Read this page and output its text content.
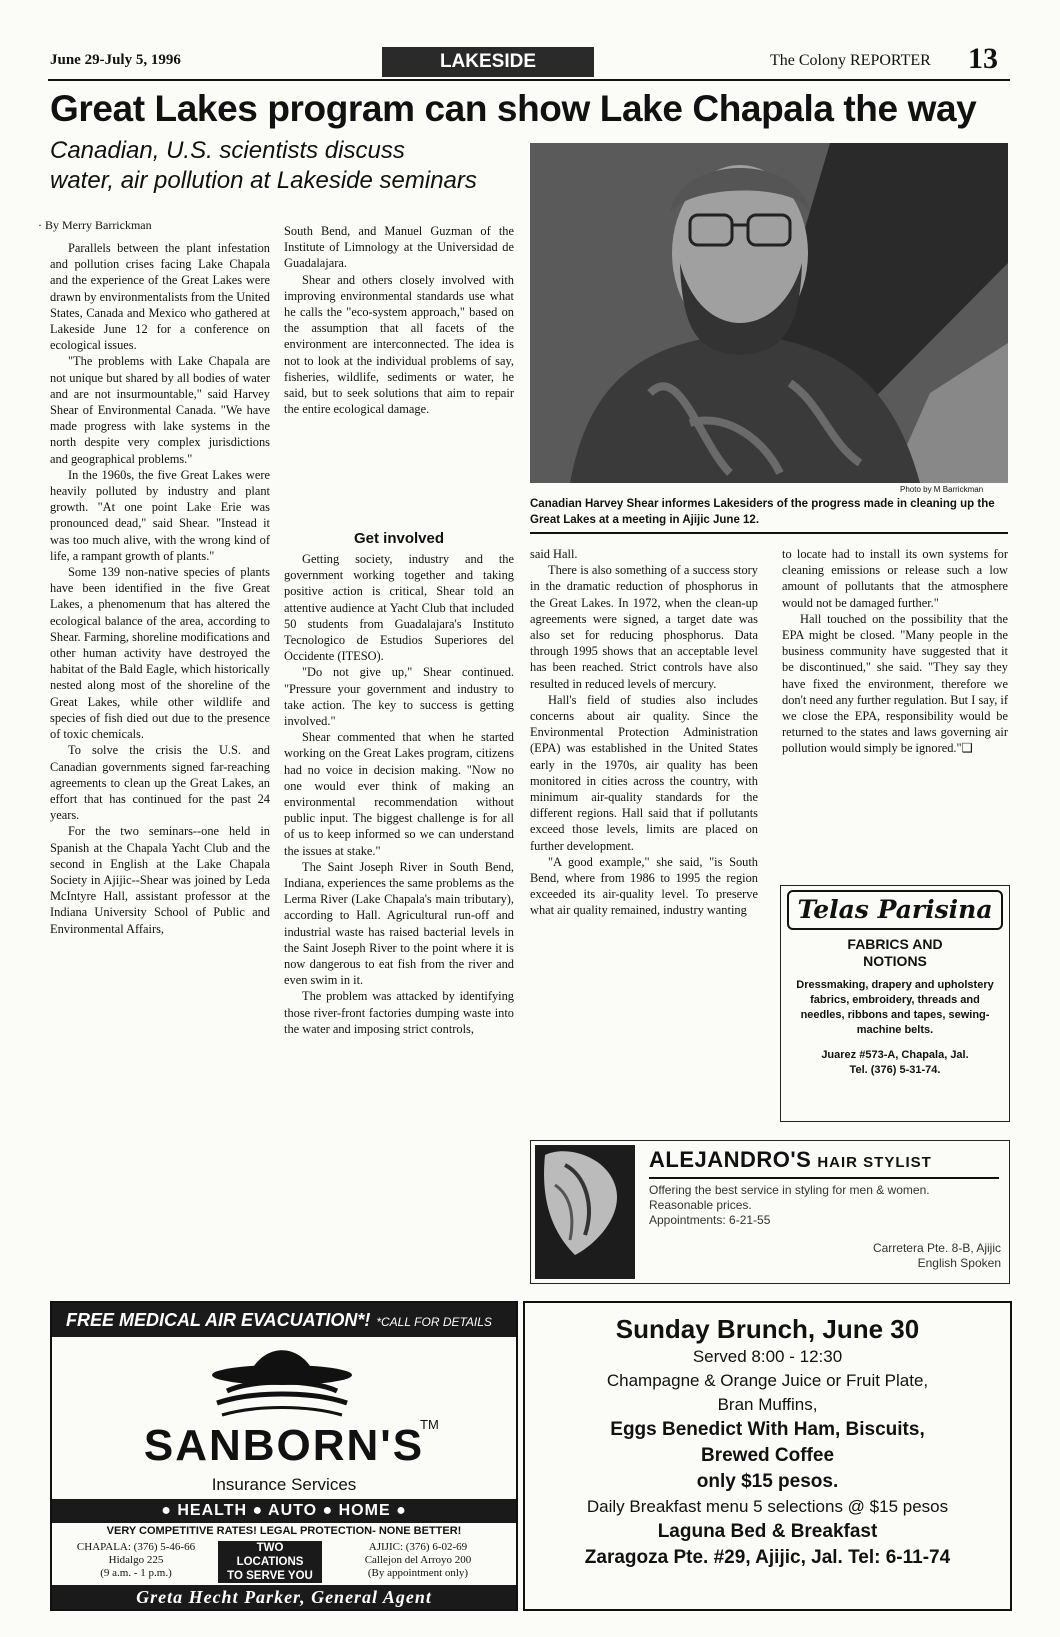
June 29-July 5, 1996	LAKESIDE	The Colony REPORTER 13
Great Lakes program can show Lake Chapala the way
Canadian, U.S. scientists discuss
water, air pollution at Lakeside seminars
Photo by M Barrickman
Canadian Harvey Shear informes Lakesiders of the progress made in cleaning up the Great Lakes at a meeting in Ajijic June 12.
· By Merry Barrickman

Parallels between the plant infestation and pollution crises facing Lake Chapala and the experience of the Great Lakes were drawn by environmentalists from the United States, Canada and Mexico who gathered at Lakeside June 12 for a conference on ecological issues.

"The problems with Lake Chapala are not unique but shared by all bodies of water and are not insurmountable," said Harvey Shear of Environmental Canada. "We have made progress with lake systems in the north despite very complex jurisdictions and geographical problems."

In the 1960s, the five Great Lakes were heavily polluted by industry and plant growth. "At one point Lake Erie was pronounced dead," said Shear. "Instead it was too much alive, with the wrong kind of life, a rampant growth of plants."

Some 139 non-native species of plants have been identified in the five Great Lakes, a phenomenum that has altered the ecological balance of the area, according to Shear. Farming, shoreline modifications and other human activity have destroyed the habitat of the Bald Eagle, which historically nested along most of the shoreline of the Great Lakes, while other wildlife and species of fish died out due to the presence of toxic chemicals.

To solve the crisis the U.S. and Canadian governments signed far-reaching agreements to clean up the Great Lakes, an effort that has continued for the past 24 years.

For the two seminars--one held in Spanish at the Chapala Yacht Club and the second in English at the Lake Chapala Society in Ajijic--Shear was joined by Leda McIntyre Hall, assistant professor at the Indiana University School of Public and Environmental Affairs,

South Bend, and Manuel Guzman of the Institute of Limnology at the Universidad de Guadalajara.

Shear and others closely involved with improving environmental standards use what he calls the "eco-system approach," based on the assumption that all facets of the environment are interconnected. The idea is not to look at the individual problems of say, fisheries, wildlife, sediments or water, he said, but to seek solutions that aim to repair the entire ecological damage.

Get involved

Getting society, industry and the government working together and taking positive action is critical, Shear told an attentive audience at Yacht Club that included 50 students from Guadalajara's Instituto Tecnologico de Estudios Superiores del Occidente (ITESO).

"Do not give up," Shear continued. "Pressure your government and industry to take action. The key to success is getting involved."

Shear commented that when he started working on the Great Lakes program, citizens had no voice in decision making. "Now no one would ever think of making an environmental recommendation without public input. The biggest challenge is for all of us to keep informed so we can understand the issues at stake."

The Saint Joseph River in South Bend, Indiana, experiences the same problems as the Lerma River (Lake Chapala's main tributary), according to Hall. Agricultural run-off and industrial waste has raised bacterial levels in the Saint Joseph River to the point where it is now dangerous to eat fish from the river and even swim in it.

The problem was attacked by identifying those river-front factories dumping waste into the water and imposing strict controls,

said Hall.

There is also something of a success story in the dramatic reduction of phosphorus in the Great Lakes. In 1972, when the clean-up agreements were signed, a target date was also set for reducing phosphorus. Data through 1995 shows that an acceptable level has been reached. Strict controls have also resulted in reduced levels of mercury.

Hall's field of studies also includes concerns about air quality. Since the Environmental Protection Administration (EPA) was established in the United States early in the 1970s, air quality has been monitored in cities across the country, with minimum air-quality standards for the different regions. Hall said that if pollutants exceed those levels, limits are placed on further development.

"A good example," she said, "is South Bend, where from 1986 to 1995 the region exceeded its air-quality level. To preserve what air quality remained, industry wanting

to locate had to install its own systems for cleaning emissions or release such a low amount of pollutants that the atmosphere would not be damaged further."

Hall touched on the possibility that the EPA might be closed. "Many people in the business community have suggested that it be discontinued," she said. "They say they have fixed the environment, therefore we don't need any further regulation. But I say, if we close the EPA, responsibility would be returned to the states and laws governing air pollution would simply be ignored."❑

Telas Parisina
FABRICS AND
NOTIONS
Dressmaking, drapery and upholstery fabrics, embroidery, threads and needles, ribbons and tapes, sewing-machine belts.
Juarez #573-A, Chapala, Jal.
Tel. (376) 5-31-74.
ALEJANDRO'S HAIR STYLIST
Offering the best service in styling for men & women.
Reasonable prices.
Appointments: 6-21-55
Carretera Pte. 8-B, Ajijic
English Spoken
FREE MEDICAL AIR EVACUATION*! *CALL FOR DETAILS
SANBORN'S
TM
Insurance Services
● HEALTH ● AUTO ● HOME ●
VERY COMPETITIVE RATES! LEGAL PROTECTION- NONE BETTER!
CHAPALA: (376) 5-46-66
Hidalgo 225
(9 a.m. - 1 p.m.)
TWO
LOCATIONS
TO SERVE YOU
AJIJIC: (376) 6-02-69
Callejon del Arroyo 200
(By appointment only)
Greta Hecht Parker, General Agent
Sunday Brunch, June 30
Served 8:00 - 12:30
Champagne & Orange Juice or Fruit Plate,
Bran Muffins,
Eggs Benedict With Ham, Biscuits,
Brewed Coffee
only $15 pesos.
Daily Breakfast menu 5 selections @ $15 pesos
Laguna Bed & Breakfast
Zaragoza Pte. #29, Ajijic, Jal. Tel: 6-11-74
